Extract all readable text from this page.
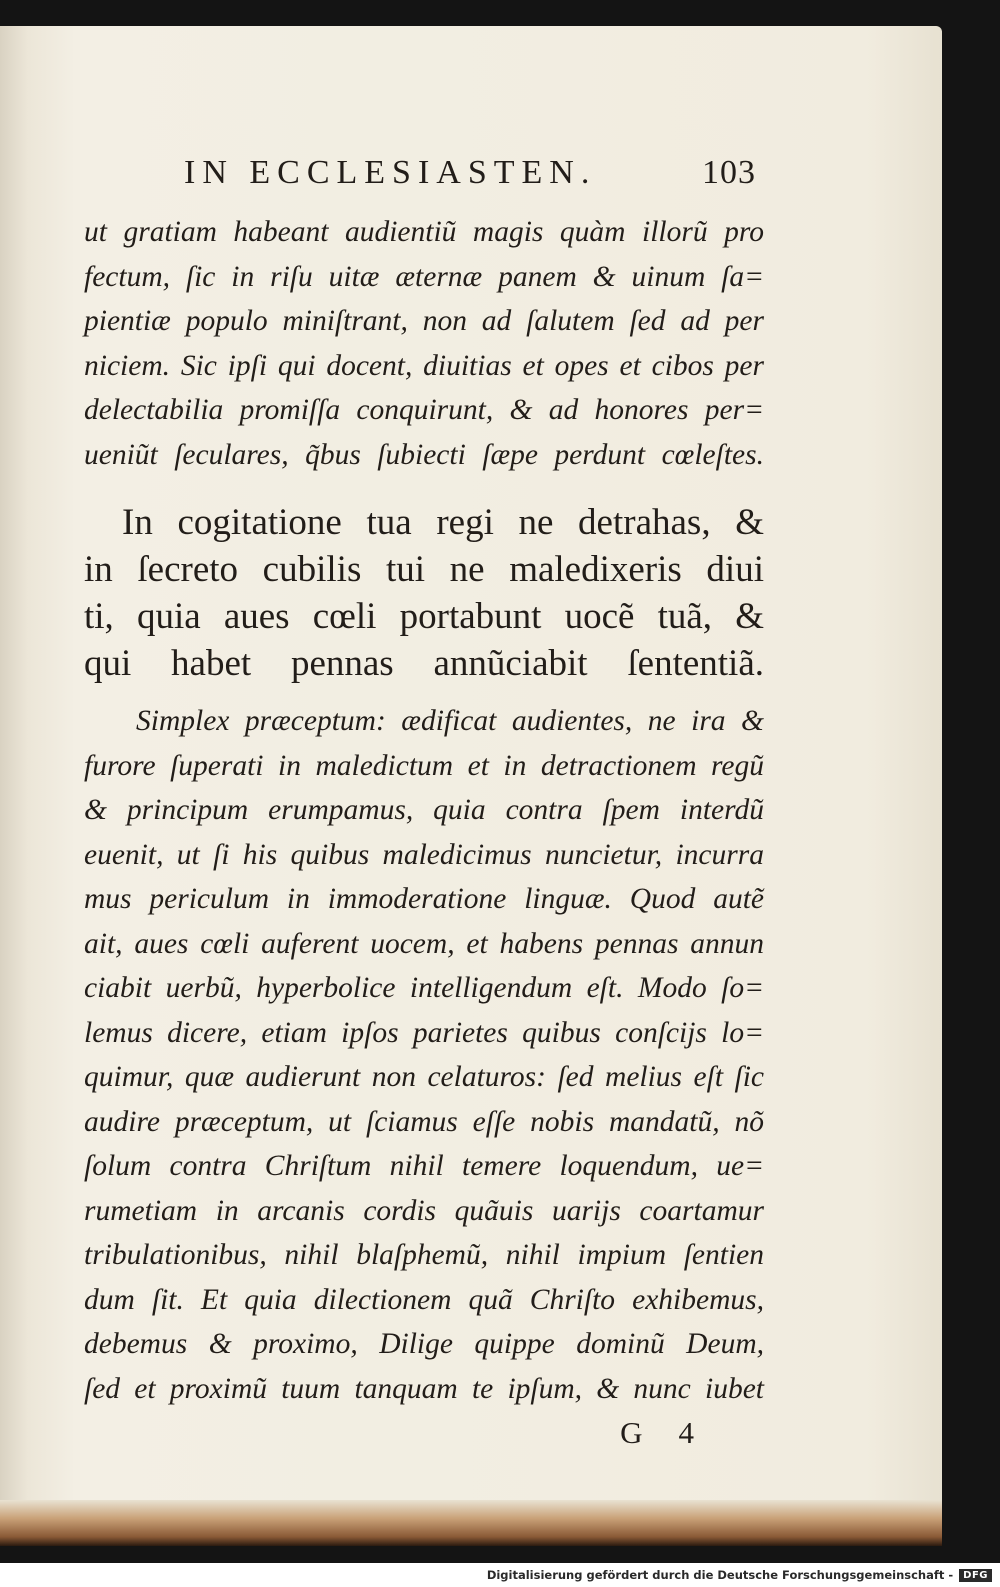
IN ECCLESIASTEN.	103
ut gratiam habeant audientiũ magis quàm illorũ pro
fectum, ſic in riſu uitæ æternæ panem & uinum ſa=
pientiæ populo miniſtrant, non ad ſalutem ſed ad per
niciem. Sic ipſi qui docent, diuitias et opes et cibos per
delectabilia promiſſa conquirunt, & ad honores per=
ueniũt ſeculares, q̃bus ſubiecti ſæpe perdunt cœleſtes.
In cogitatione tua regi ne detrahas, &
in ſecreto cubilis tui ne maledixeris diui
ti, quia aues cœli portabunt uocẽ tuã, &
qui habet pennas annũciabit ſententiã.
Simplex præceptum: ædificat audientes, ne ira &
furore ſuperati in maledictum et in detractionem regũ
& principum erumpamus, quia contra ſpem interdũ
euenit, ut ſi his quibus maledicimus nuncietur, incurra
mus periculum in immoderatione linguæ. Quod autẽ
ait, aues cœli auferent uocem, et habens pennas annun
ciabit uerbũ, hyperbolice intelligendum eſt. Modo ſo=
lemus dicere, etiam ipſos parietes quibus conſcijs lo=
quimur, quæ audierunt non celaturos: ſed melius eſt ſic
audire præceptum, ut ſciamus eſſe nobis mandatũ, nõ
ſolum contra Chriſtum nihil temere loquendum, ue=
rumetiam in arcanis cordis quãuis uarijs coartamur
tribulationibus, nihil blaſphemũ, nihil impium ſentien
dum ſit. Et quia dilectionem quã Chriſto exhibemus,
debemus & proximo, Dilige quippe dominũ Deum,
ſed et proximũ tuum tanquam te ipſum, & nunc iubet
G 4
Digitalisierung gefördert durch die Deutsche Forschungsgemeinschaft -	DFG
